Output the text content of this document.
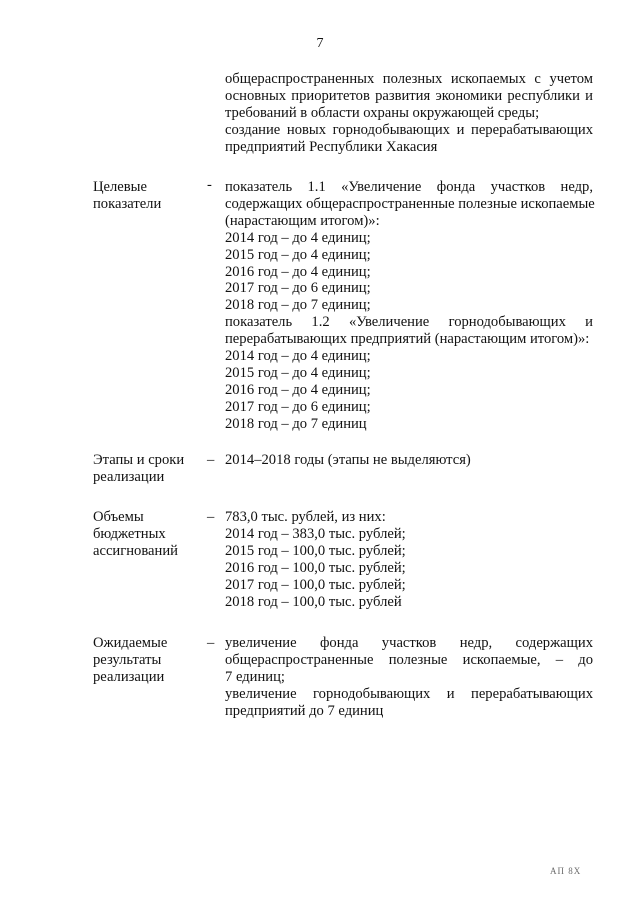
7
общераспространенных полезных ископаемых с учетом
основных приоритетов развития экономики республики и
требований в области охраны окружающей среды;
создание новых горнодобывающих и перерабатывающих
предприятий Республики Хакасия
Целевые
показатели
- показатель 1.1 «Увеличение фонда участков недр,
содержащих общераспространенные полезные ископаемые
(нарастающим итогом)»:
2014 год – до 4 единиц;
2015 год – до 4 единиц;
2016 год – до 4 единиц;
2017 год – до 6 единиц;
2018 год – до 7 единиц;
показатель 1.2 «Увеличение горнодобывающих и
перерабатывающих предприятий (нарастающим итогом)»:
2014 год – до 4 единиц;
2015 год – до 4 единиц;
2016 год – до 4 единиц;
2017 год – до 6 единиц;
2018 год – до 7 единиц
Этапы и сроки
реализации
– 2014–2018 годы (этапы не выделяются)
Объемы
бюджетных
ассигнований
– 783,0 тыс. рублей, из них:
2014 год – 383,0 тыс. рублей;
2015 год – 100,0 тыс. рублей;
2016 год – 100,0 тыс. рублей;
2017 год – 100,0 тыс. рублей;
2018 год – 100,0 тыс. рублей
Ожидаемые
результаты
реализации
– увеличение фонда участков недр, содержащих
общераспространенные полезные ископаемые, – до
7 единиц;
увеличение горнодобывающих и перерабатывающих
предприятий до 7 единиц
AП 8Х
